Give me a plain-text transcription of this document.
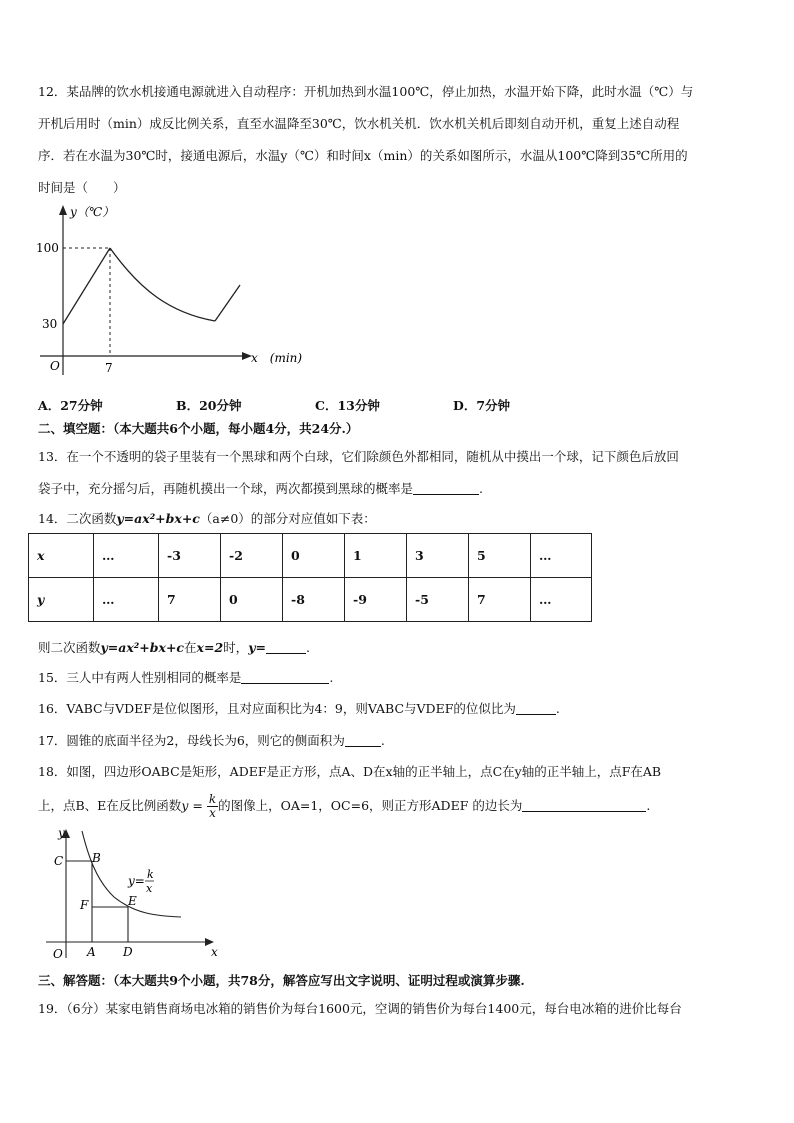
12．某品牌的饮水机接通电源就进入自动程序：开机加热到水温100℃，停止加热，水温开始下降，此时水温（℃）与
开机后用时（min）成反比例关系，直至水温降至30℃，饮水机关机．饮水机关机后即刻自动开机，重复上述自动程
序．若在水温为30℃时，接通电源后，水温y（℃）和时间x（min）的关系如图所示，水温从100℃降到35℃所用的
时间是（　　）
y（℃）
100
30
O	7
x　(min)
A．27分钟	B．20分钟	C．13分钟	D．7分钟
二、填空题：（本大题共6个小题，每小题4分，共24分.）
13．在一个不透明的袋子里装有一个黑球和两个白球，它们除颜色外都相同，随机从中摸出一个球，记下颜色后放回
袋子中，充分摇匀后，再随机摸出一个球，两次都摸到黑球的概率是	.
14．二次函数y=ax²+bx+c（a≠0）的部分对应值如下表：
x	…	-3	-2	0	1	3	5	…
y	…	7	0	-8	-9	-5	7	…
则二次函数y=ax²+bx+c在x=2时，y=	.
15．三人中有两人性别相同的概率是	.
16．VABC与VDEF是位似图形，且对应面积比为4：9，则VABC与VDEF的位似比为	.
17．圆锥的底面半径为2，母线长为6，则它的侧面积为	.
18．如图，四边形OABC是矩形，ADEF是正方形，点A、D在x轴的正半轴上，点C在y轴的正半轴上，点F在AB
上，点B、E在反比例函数$y = \frac{k}{x}$ 的图像上，OA=1，OC=6，则正方形ADEF 的边长为	.
y
C B
F	E
y= k
x
O A D	x
三、解答题：（本大题共9个小题，共78分，解答应写出文字说明、证明过程或演算步骤.
19．（6分）某家电销售商场电冰箱的销售价为每台1600元，空调的销售价为每台1400元，每台电冰箱的进价比每台
